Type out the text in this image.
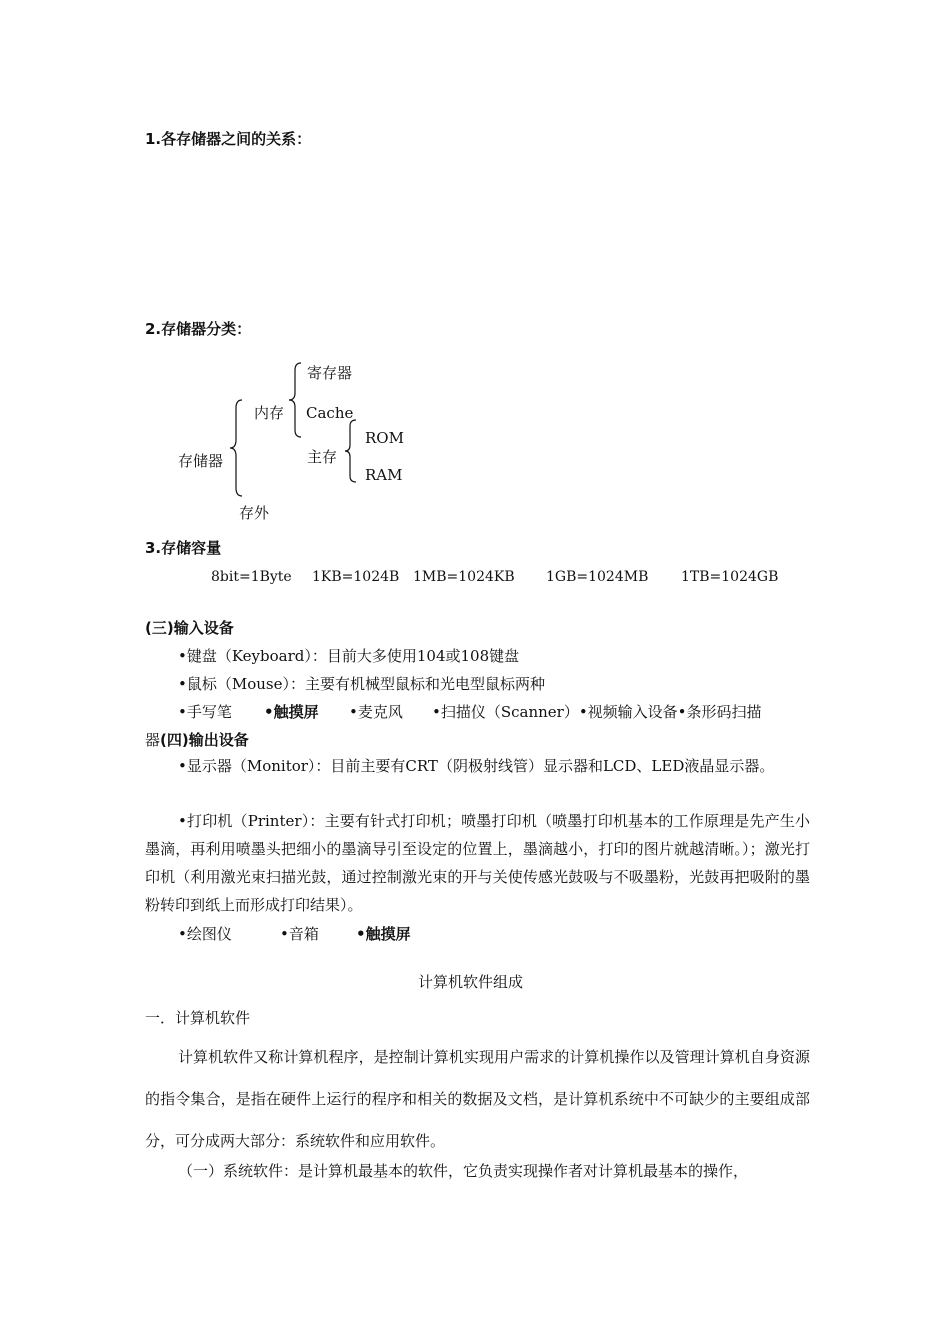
1.各存储器之间的关系：
2.存储器分类：
存储器
内存
寄存器
Cache
主存
ROM
RAM
存外
3.存储容量
8bit=1Byte 1KB=1024B 1MB=1024KB 1GB=1024MB 1TB=1024GB
(三)输入设备
•键盘（Keyboard）：目前大多使用104或108键盘
•鼠标（Mouse）：主要有机械型鼠标和光电型鼠标两种
•手写笔 •触摸屏 •麦克风 •扫描仪（Scanner）•视频输入设备•条形码扫描
器 (四)输出设备
•显示器（Monitor）：目前主要有CRT（阴极射线管）显示器和LCD、LED液晶显示器。
•打印机（Printer）：主要有针式打印机；喷墨打印机（喷墨打印机基本的工作原理是先产生小墨滴，再利用喷墨头把细小的墨滴导引至设定的位置上，墨滴越小，打印的图片就越清晰。）；激光打印机（利用激光束扫描光鼓，通过控制激光束的开与关使传感光鼓吸与不吸墨粉，光鼓再把吸附的墨粉转印到纸上而形成打印结果）。
•绘图仪	•音箱 •触摸屏
计算机软件组成
一．计算机软件
计算机软件又称计算机程序，是控制计算机实现用户需求的计算机操作以及管理计算机自身资源的指令集合，是指在硬件上运行的程序和相关的数据及文档，是计算机系统中不可缺少的主要组成部分，可分成两大部分：系统软件和应用软件。
（一）系统软件：是计算机最基本的软件，它负责实现操作者对计算机最基本的操作，
